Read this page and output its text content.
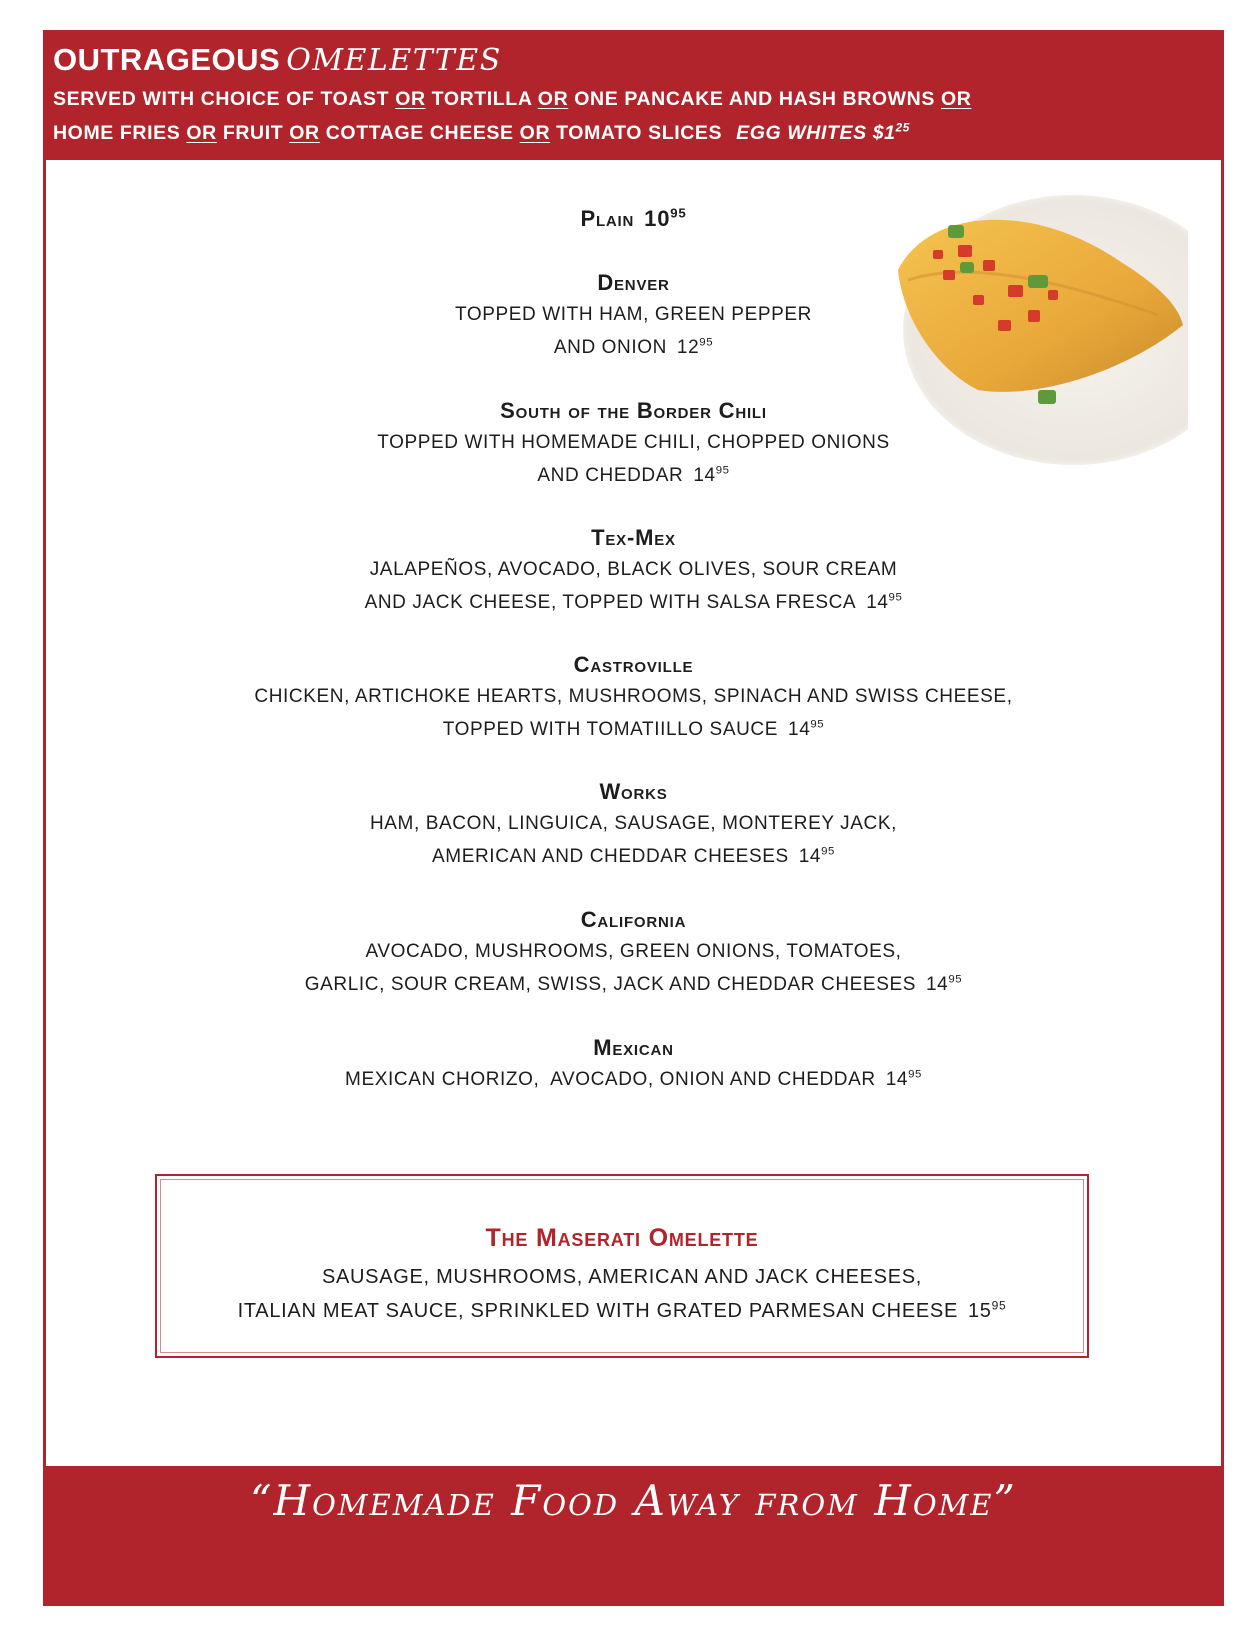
OUTRAGEOUS OMELETTES
SERVED WITH CHOICE OF TOAST OR TORTILLA OR ONE PANCAKE AND HASH BROWNS OR
HOME FRIES OR FRUIT OR COTTAGE CHEESE OR TOMATO SLICES EGG WHITES $\$1^{25}$
Plain $10^{95}$
Denver
TOPPED WITH HAM, GREEN PEPPER
AND ONION $12^{95}$
South of the Border Chili
TOPPED WITH HOMEMADE CHILI, CHOPPED ONIONS
AND CHEDDAR $14^{95}$
Tex-Mex
JALAPEÑOS, AVOCADO, BLACK OLIVES, SOUR CREAM
AND JACK CHEESE, TOPPED WITH SALSA FRESCA $14^{95}$
Castroville
CHICKEN, ARTICHOKE HEARTS, MUSHROOMS, SPINACH AND SWISS CHEESE,
TOPPED WITH TOMATIILLO SAUCE $14^{95}$
Works
HAM, BACON, LINGUICA, SAUSAGE, MONTEREY JACK,
AMERICAN AND CHEDDAR CHEESES $14^{95}$
California
AVOCADO, MUSHROOMS, GREEN ONIONS, TOMATOES,
GARLIC, SOUR CREAM, SWISS, JACK AND CHEDDAR CHEESES $14^{95}$
Mexican
MEXICAN CHORIZO,  AVOCADO, ONION AND CHEDDAR $14^{95}$
The Maserati Omelette
SAUSAGE, MUSHROOMS, AMERICAN AND JACK CHEESES,
ITALIAN MEAT SAUCE, SPRINKLED WITH GRATED PARMESAN CHEESE $15^{95}$
“Homemade Food Away from Home”
